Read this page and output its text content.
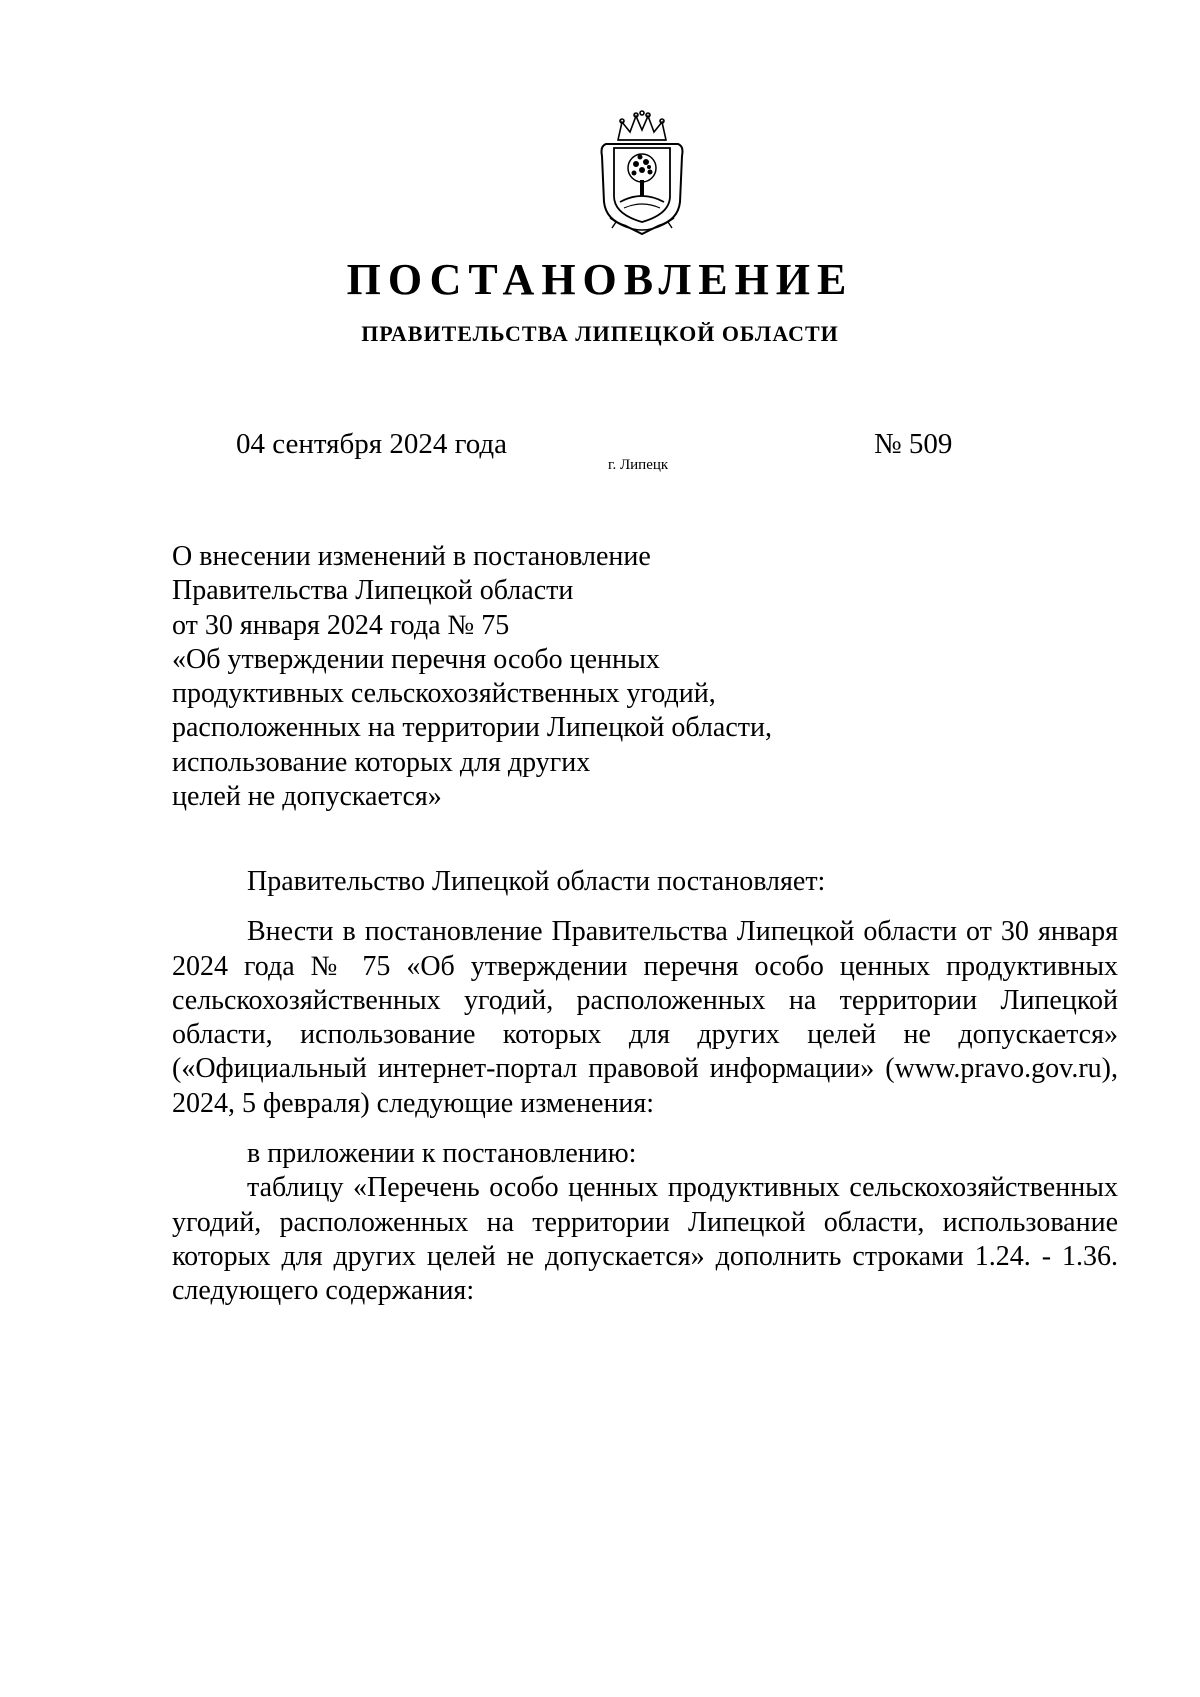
ПОСТАНОВЛЕНИЕ
ПРАВИТЕЛЬСТВА ЛИПЕЦКОЙ ОБЛАСТИ
04 сентября 2024 года
г. Липецк
№ 509
О внесении изменений в постановление
Правительства Липецкой области
от 30 января 2024 года № 75
«Об утверждении перечня особо ценных
продуктивных сельскохозяйственных угодий,
расположенных на территории Липецкой области,
использование которых для других
целей не допускается»

Правительство Липецкой области постановляет:

Внести в постановление Правительства Липецкой области от 30 января 2024 года № 75 «Об утверждении перечня особо ценных продуктивных сельскохозяйственных угодий, расположенных на территории Липецкой области, использование которых для других целей не допускается» («Официальный интернет-портал правовой информации» (www.pravo.gov.ru), 2024, 5 февраля) следующие изменения:

в приложении к постановлению:

таблицу «Перечень особо ценных продуктивных сельскохозяйственных угодий, расположенных на территории Липецкой области, использование которых для других целей не допускается» дополнить строками 1.24. - 1.36. следующего содержания:
